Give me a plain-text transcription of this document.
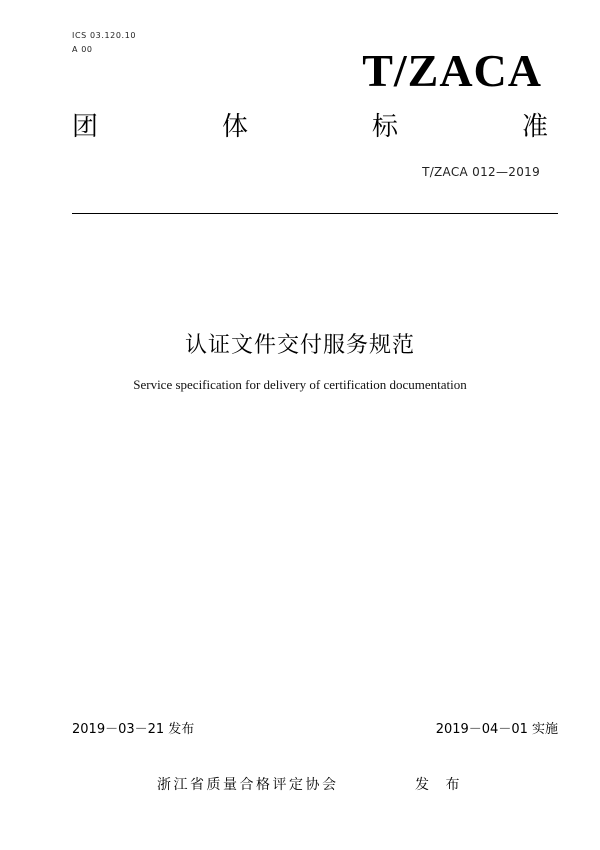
ICS 03.120.10
A 00	T/ZACA
团	体	标	准
T/ZACA 012—2019
认证文件交付服务规范
Service specification for delivery of certification documentation
2019－03－21 发布	2019－04－01 实施
浙江省质量合格评定协会	发 布
